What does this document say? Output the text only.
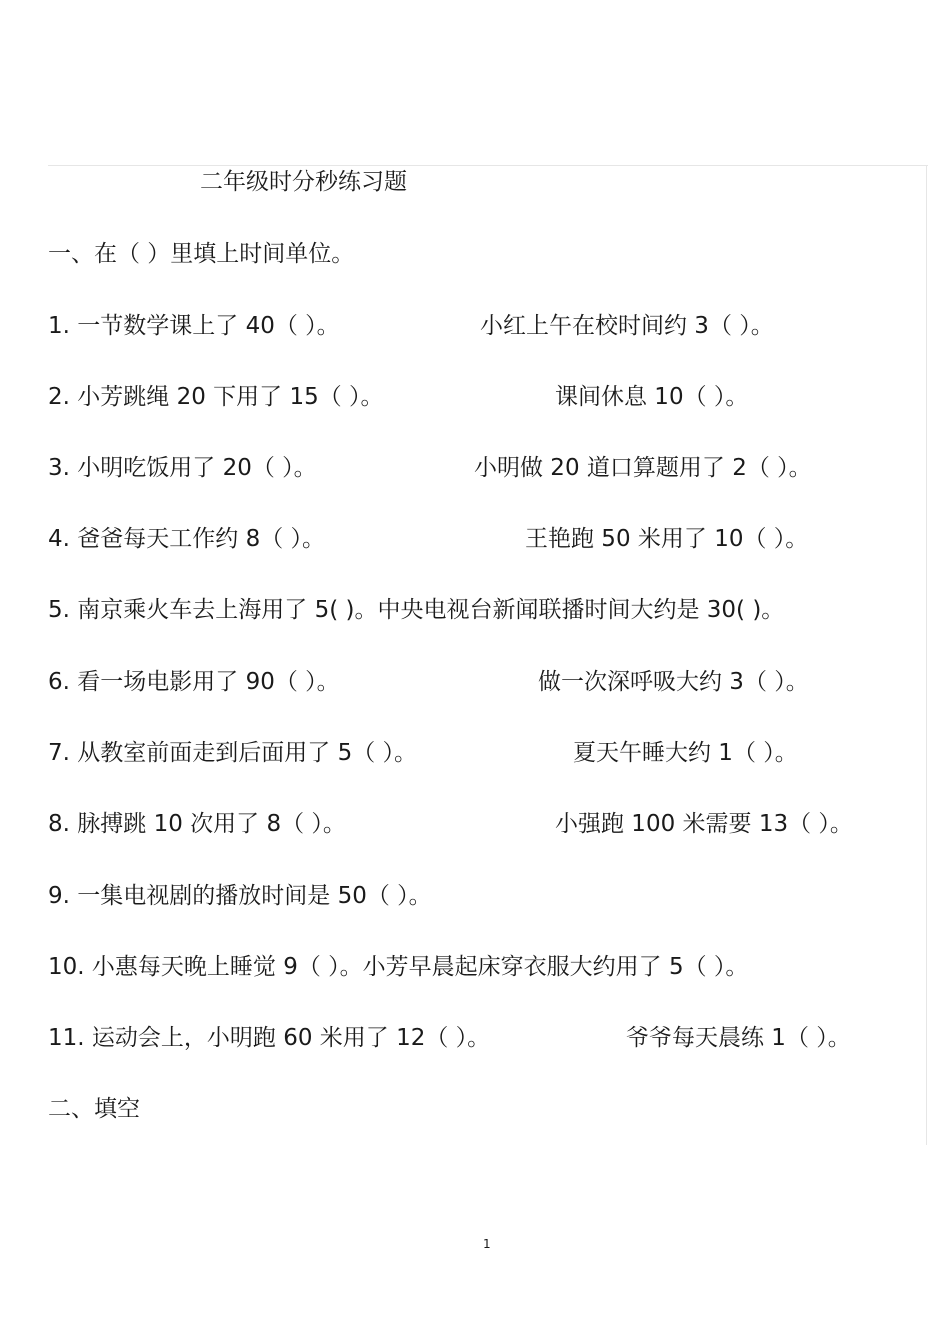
二年级时分秒练习题
一、在（ ）里填上时间单位。
1. 一节数学课上了 40（ ）。	小红上午在校时间约 3（ ）。
2. 小芳跳绳 20 下用了 15（ ）。	课间休息 10（ ）。
3. 小明吃饭用了 20（ ）。	小明做 20 道口算题用了 2（ ）。
4. 爸爸每天工作约 8（ ）。	王艳跑 50 米用了 10（ ）。
5. 南京乘火车去上海用了 5( )。中央电视台新闻联播时间大约是 30( )。
6. 看一场电影用了 90（ ）。	做一次深呼吸大约 3（ ）。
7. 从教室前面走到后面用了 5（ ）。	夏天午睡大约 1（ ）。
8. 脉搏跳 10 次用了 8（ ）。	小强跑 100 米需要 13（ ）。
9. 一集电视剧的播放时间是 50（ ）。
10. 小惠每天晚上睡觉 9（ ）。小芳早晨起床穿衣服大约用了 5（ ）。
11. 运动会上，小明跑 60 米用了 12（ ）。	爷爷每天晨练 1（ ）。
二、填空
1
